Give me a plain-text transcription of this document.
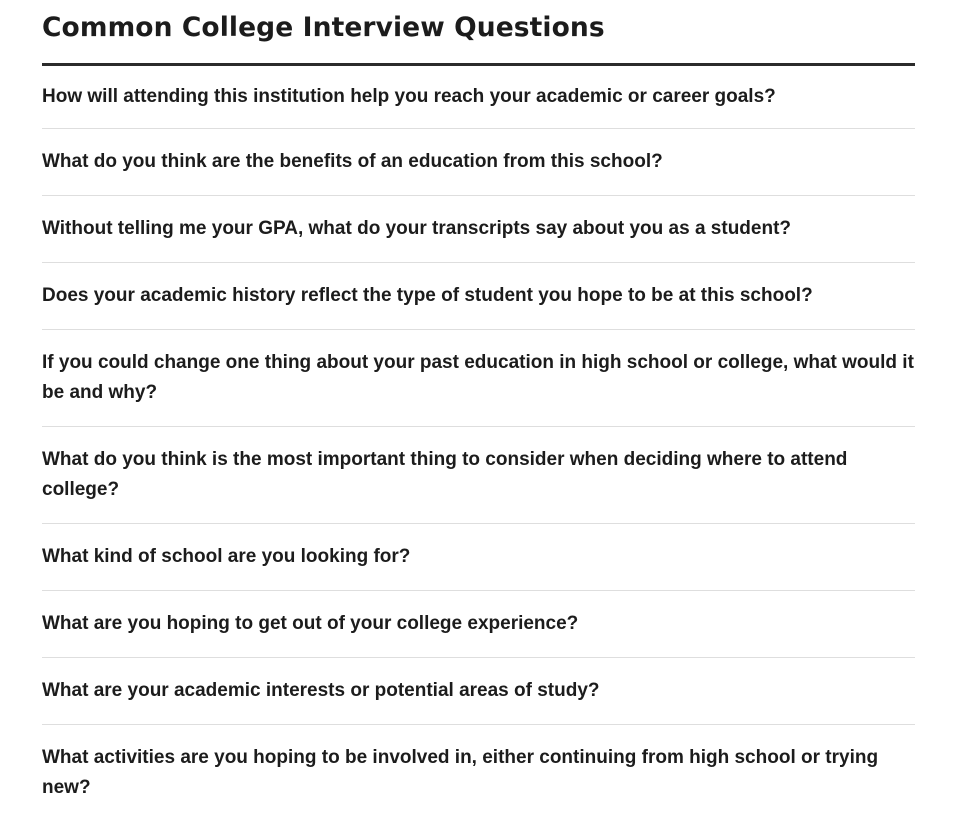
Common College Interview Questions
How will attending this institution help you reach your academic or career goals?
What do you think are the benefits of an education from this school?
Without telling me your GPA, what do your transcripts say about you as a student?
Does your academic history reflect the type of student you hope to be at this school?
If you could change one thing about your past education in high school or college, what would it be and why?
What do you think is the most important thing to consider when deciding where to attend college?
What kind of school are you looking for?
What are you hoping to get out of your college experience?
What are your academic interests or potential areas of study?
What activities are you hoping to be involved in, either continuing from high school or trying new?
